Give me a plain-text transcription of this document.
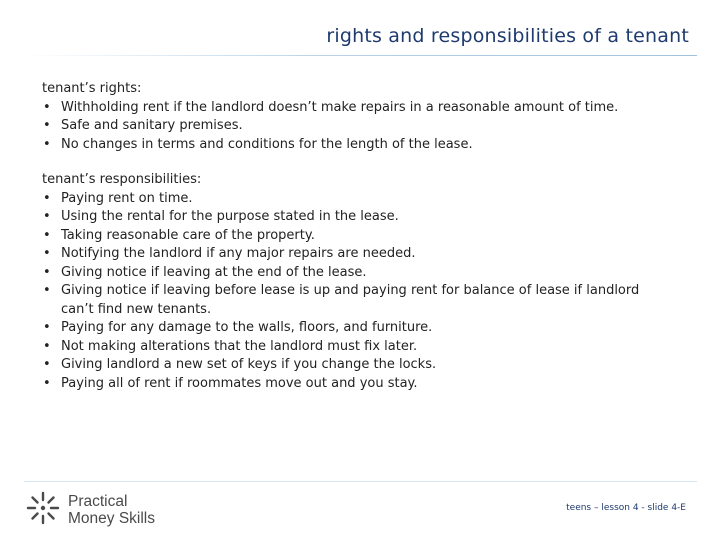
rights and responsibilities of a tenant
tenant’s rights:
• Withholding rent if the landlord doesn’t make repairs in a reasonable amount of time.
• Safe and sanitary premises.
• No changes in terms and conditions for the length of the lease.
tenant’s responsibilities:
• Paying rent on time.
• Using the rental for the purpose stated in the lease.
• Taking reasonable care of the property.
• Notifying the landlord if any major repairs are needed.
• Giving notice if leaving at the end of the lease.
• Giving notice if leaving before lease is up and paying rent for balance of lease if landlord can’t find new tenants.
• Paying for any damage to the walls, floors, and furniture.
• Not making alterations that the landlord must fix later.
• Giving landlord a new set of keys if you change the locks.
• Paying all of rent if roommates move out and you stay.
Practical
Money Skills
teens – lesson 4 - slide 4-E
